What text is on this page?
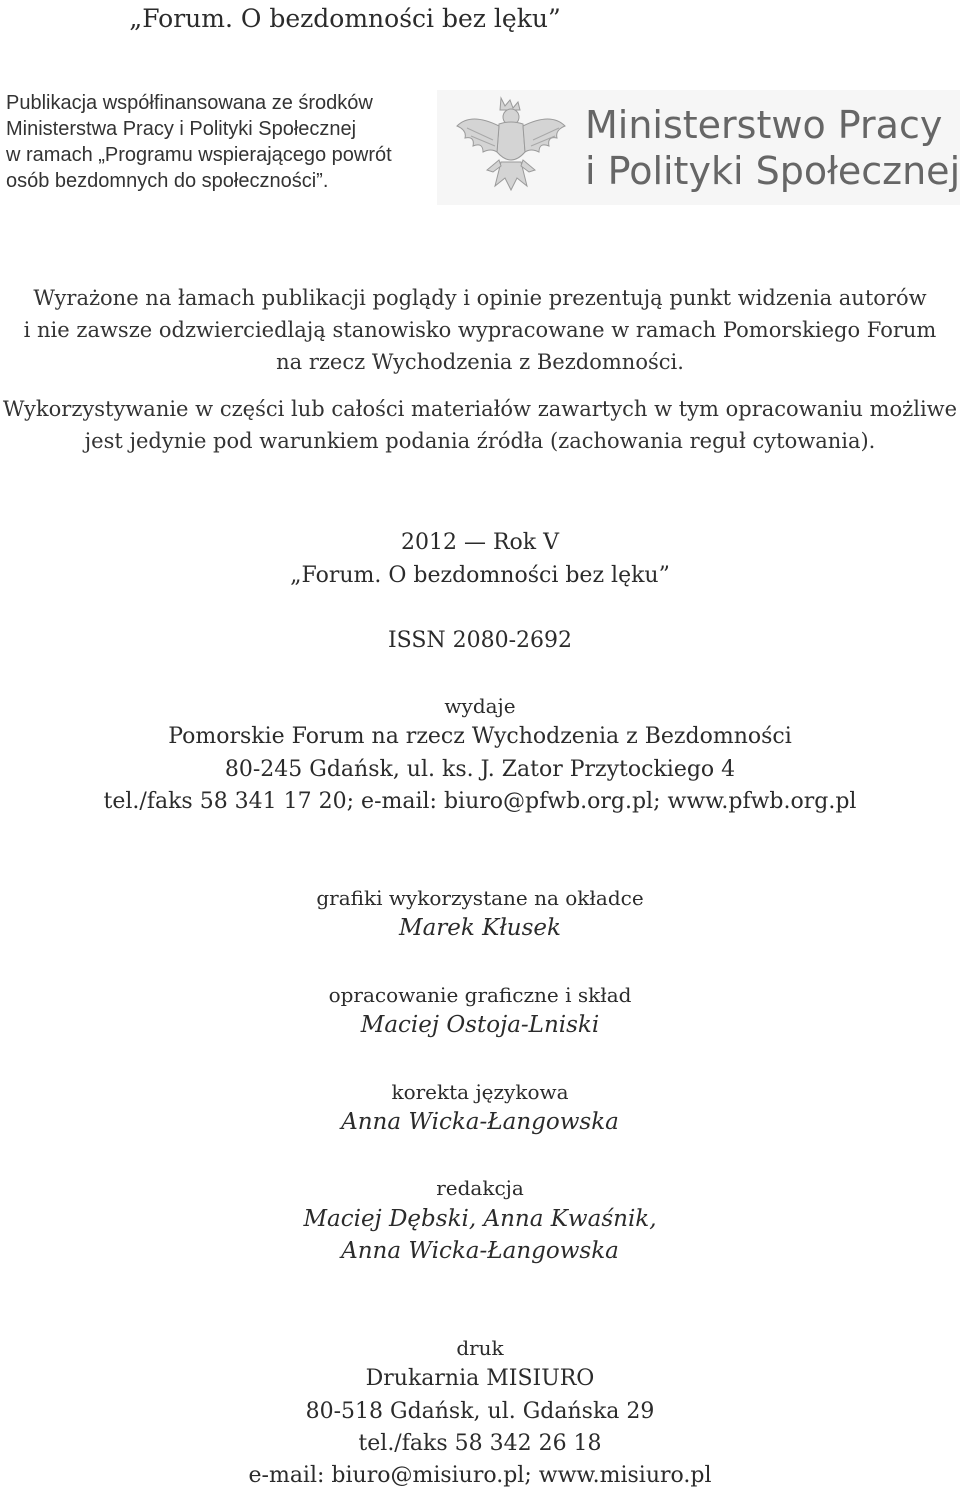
„Forum. O bezdomności bez lęku”
Publikacja współfinansowana ze środków
Ministerstwa Pracy i Polityki Społecznej
w ramach „Programu wspierającego powrót
osób bezdomnych do społeczności”.
Ministerstwo Pracy
i Polityki Społecznej
Wyrażone na łamach publikacji poglądy i opinie prezentują punkt widzenia autorów
i nie zawsze odzwierciedlają stanowisko wypracowane w ramach Pomorskiego Forum
na rzecz Wychodzenia z Bezdomności.
Wykorzystywanie w części lub całości materiałów zawartych w tym opracowaniu możliwe
jest jedynie pod warunkiem podania źródła (zachowania reguł cytowania).
2012 — Rok V
„Forum. O bezdomności bez lęku”
ISSN 2080-2692
wydaje
Pomorskie Forum na rzecz Wychodzenia z Bezdomności
80-245 Gdańsk, ul. ks. J. Zator Przytockiego 4
tel./faks 58 341 17 20; e-mail: biuro@pfwb.org.pl; www.pfwb.org.pl
grafiki wykorzystane na okładce
Marek Kłusek
opracowanie graficzne i skład
Maciej Ostoja-Lniski
korekta językowa
Anna Wicka-Łangowska
redakcja
Maciej Dębski, Anna Kwaśnik,
Anna Wicka-Łangowska
druk
Drukarnia MISIURO
80-518 Gdańsk, ul. Gdańska 29
tel./faks 58 342 26 18
e-mail: biuro@misiuro.pl; www.misiuro.pl
